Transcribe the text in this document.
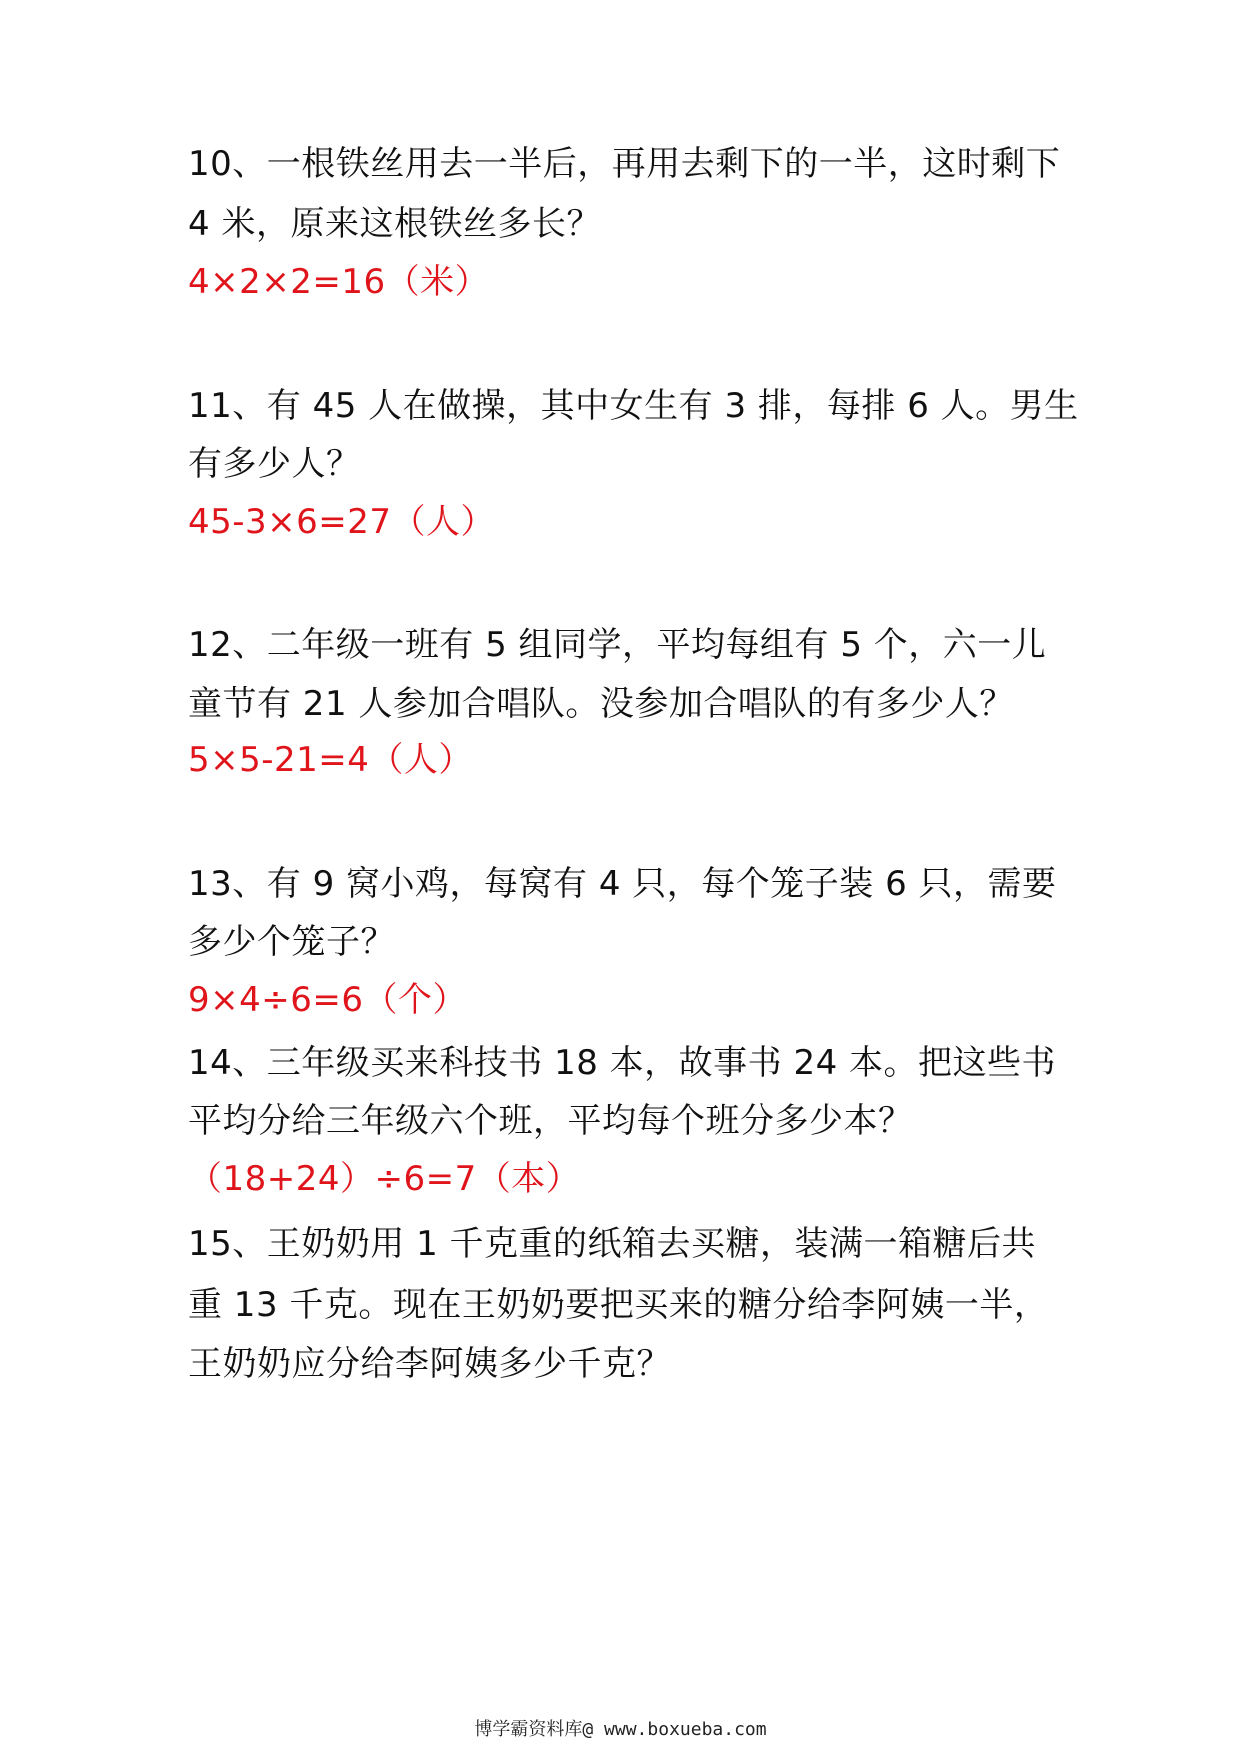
10、一根铁丝用去一半后，再用去剩下的一半，这时剩下
4 米，原来这根铁丝多长？
4×2×2=16（米）
11、有 45 人在做操，其中女生有 3 排，每排 6 人。男生
有多少人？
45-3×6=27（人）
12、二年级一班有 5 组同学，平均每组有 5 个，六一儿
童节有 21 人参加合唱队。没参加合唱队的有多少人？
5×5-21=4（人）
13、有 9 窝小鸡，每窝有 4 只，每个笼子装 6 只，需要
多少个笼子？
9×4÷6=6（个）
14、三年级买来科技书 18 本，故事书 24 本。把这些书
平均分给三年级六个班，平均每个班分多少本？
（18+24）÷6=7（本）
15、王奶奶用 1 千克重的纸箱去买糖，装满一箱糖后共
重 13 千克。现在王奶奶要把买来的糖分给李阿姨一半，
王奶奶应分给李阿姨多少千克？
博学霸资料库@ www.boxueba.com
